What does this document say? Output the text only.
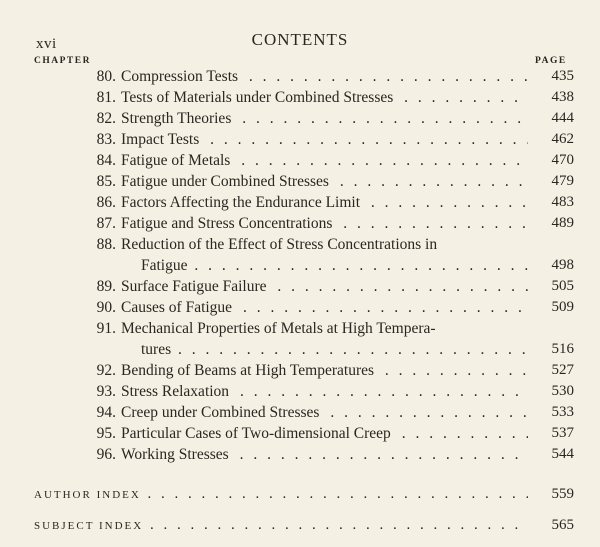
xvi	CONTENTS
CHAPTER	PAGE
80. Compression Tests . . .	435
81. Tests of Materials under Combined Stresses . . .	438
82. Strength Theories . . .	444
83. Impact Tests . . .	462
84. Fatigue of Metals . . .	470
85. Fatigue under Combined Stresses . . .	479
86. Factors Affecting the Endurance Limit . . .	483
87. Fatigue and Stress Concentrations . . .	489
88. Reduction of the Effect of Stress Concentrations in
Fatigue . . .	498
89. Surface Fatigue Failure . . .	505
90. Causes of Fatigue . . .	509
91. Mechanical Properties of Metals at High Tempera-
tures . . .	516
92. Bending of Beams at High Temperatures . . .	527
93. Stress Relaxation . . .	530
94. Creep under Combined Stresses . . .	533
95. Particular Cases of Two-dimensional Creep . . .	537
96. Working Stresses . . .	544
AUTHOR INDEX . . .	559
SUBJECT INDEX . . .	565
